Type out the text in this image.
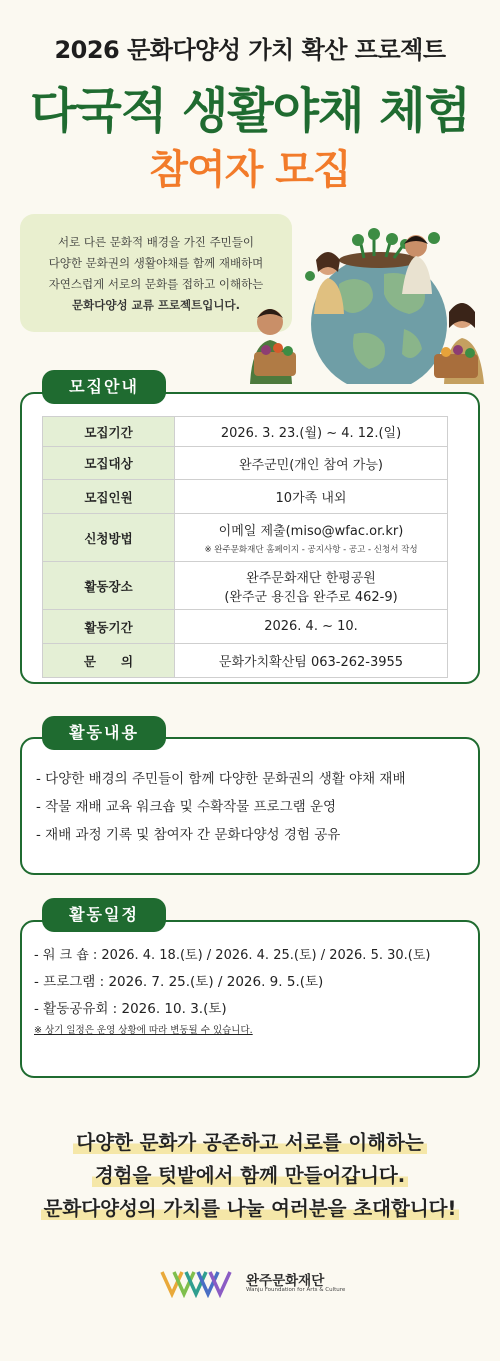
2026 문화다양성 가치 확산 프로젝트
다국적 생활야채 체험
참여자 모집
서로 다른 문화적 배경을 가진 주민들이
다양한 문화권의 생활야채를 함께 재배하며
자연스럽게 서로의 문화를 접하고 이해하는
문화다양성 교류 프로젝트입니다.
모집안내
모집기간	2026. 3. 23.(월) ~ 4. 12.(일)
모집대상	완주군민(개인 참여 가능)
모집인원	10가족 내외
신청방법	이메일 제출(miso@wfac.or.kr)
※ 완주문화재단 홈페이지 - 공지사항 - 공고 - 신청서 작성

활동장소	완주문화재단 한평공원
(완주군 용진읍 완주로 462-9)

활동기간	2026. 4. ~ 10.
문　　의	문화가치확산팀 063-262-3955
활동내용
- 다양한 배경의 주민들이 함께 다양한 문화권의 생활 야채 재배
- 작물 재배 교육 워크숍 및 수확작물 프로그램 운영
- 재배 과정 기록 및 참여자 간 문화다양성 경험 공유
활동일정
- 워 크 숍 : 2026. 4. 18.(토) / 2026. 4. 25.(토) / 2026. 5. 30.(토)
- 프로그램 : 2026. 7. 25.(토) / 2026. 9. 5.(토)
- 활동공유회 : 2026. 10. 3.(토)
※ 상기 일정은 운영 상황에 따라 변동될 수 있습니다.
다양한 문화가 공존하고 서로를 이해하는
경험을 텃밭에서 함께 만들어갑니다.
문화다양성의 가치를 나눌 여러분을 초대합니다!
완주문화재단
Wanju Foundation for Arts & Culture
